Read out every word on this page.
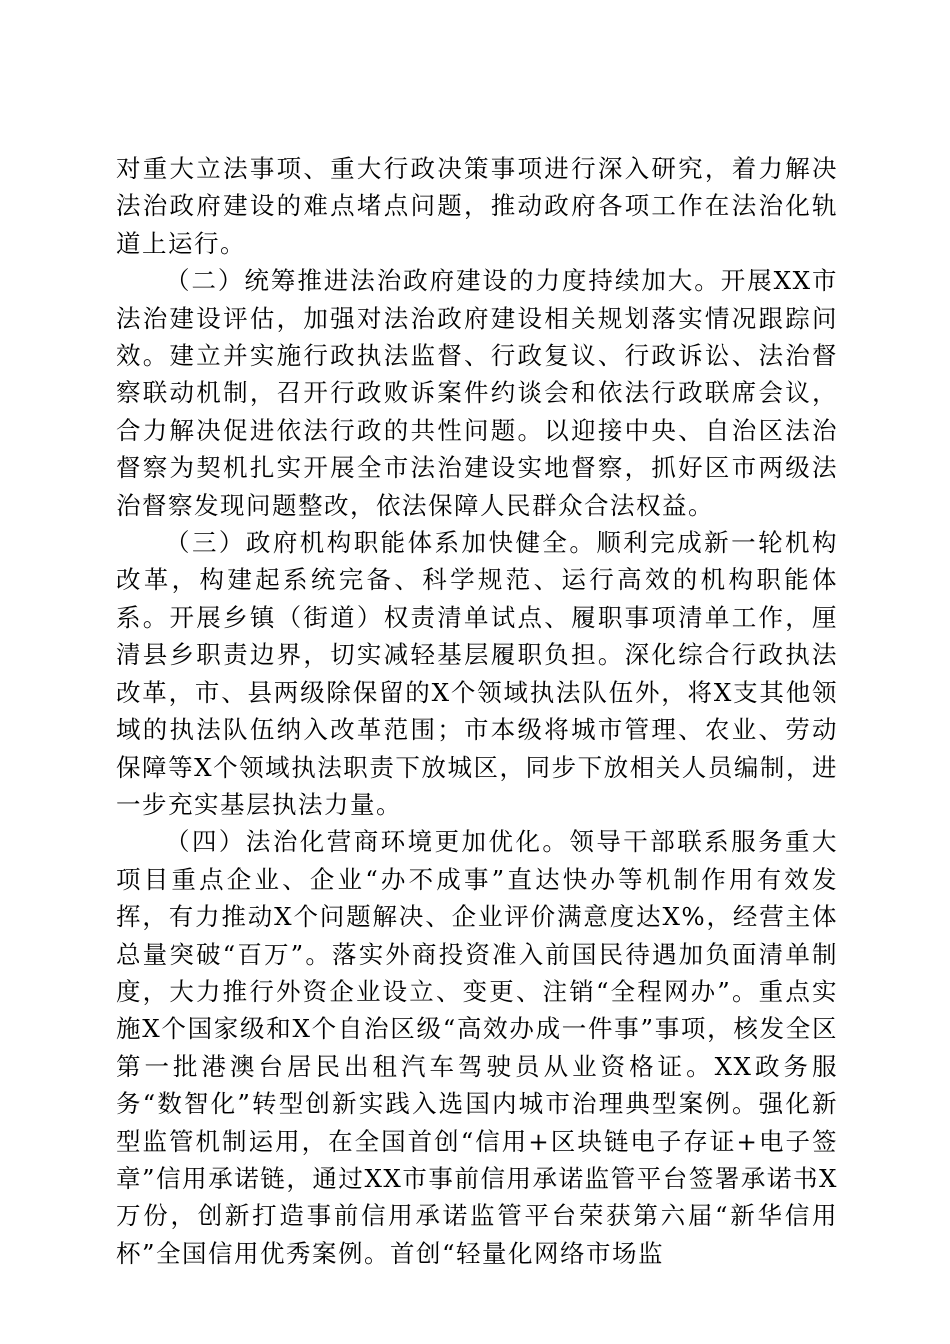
对重大立法事项、重大行政决策事项进行深入研究，着力解决法治政府建设的难点堵点问题，推动政府各项工作在法治化轨道上运行。

（二）统筹推进法治政府建设的力度持续加大。开展XX市法治建设评估，加强对法治政府建设相关规划落实情况跟踪问效。建立并实施行政执法监督、行政复议、行政诉讼、法治督察联动机制，召开行政败诉案件约谈会和依法行政联席会议，合力解决促进依法行政的共性问题。以迎接中央、自治区法治督察为契机扎实开展全市法治建设实地督察，抓好区市两级法治督察发现问题整改，依法保障人民群众合法权益。

（三）政府机构职能体系加快健全。顺利完成新一轮机构改革，构建起系统完备、科学规范、运行高效的机构职能体系。开展乡镇（街道）权责清单试点、履职事项清单工作，厘清县乡职责边界，切实减轻基层履职负担。深化综合行政执法改革，市、县两级除保留的X个领域执法队伍外，将X支其他领域的执法队伍纳入改革范围；市本级将城市管理、农业、劳动保障等X个领域执法职责下放城区，同步下放相关人员编制，进一步充实基层执法力量。

（四）法治化营商环境更加优化。领导干部联系服务重大项目重点企业、企业“办不成事”直达快办等机制作用有效发挥，有力推动X个问题解决、企业评价满意度达X%，经营主体总量突破“百万”。落实外商投资准入前国民待遇加负面清单制度，大力推行外资企业设立、变更、注销“全程网办”。重点实施X个国家级和X个自治区级“高效办成一件事”事项，核发全区第一批港澳台居民出租汽车驾驶员从业资格证。XX政务服务“数智化”转型创新实践入选国内城市治理典型案例。强化新型监管机制运用，在全国首创“信用+区块链电子存证+电子签章”信用承诺链，通过XX市事前信用承诺监管平台签署承诺书X万份，创新打造事前信用承诺监管平台荣获第六届“新华信用杯”全国信用优秀案例。首创“轻量化网络市场监
